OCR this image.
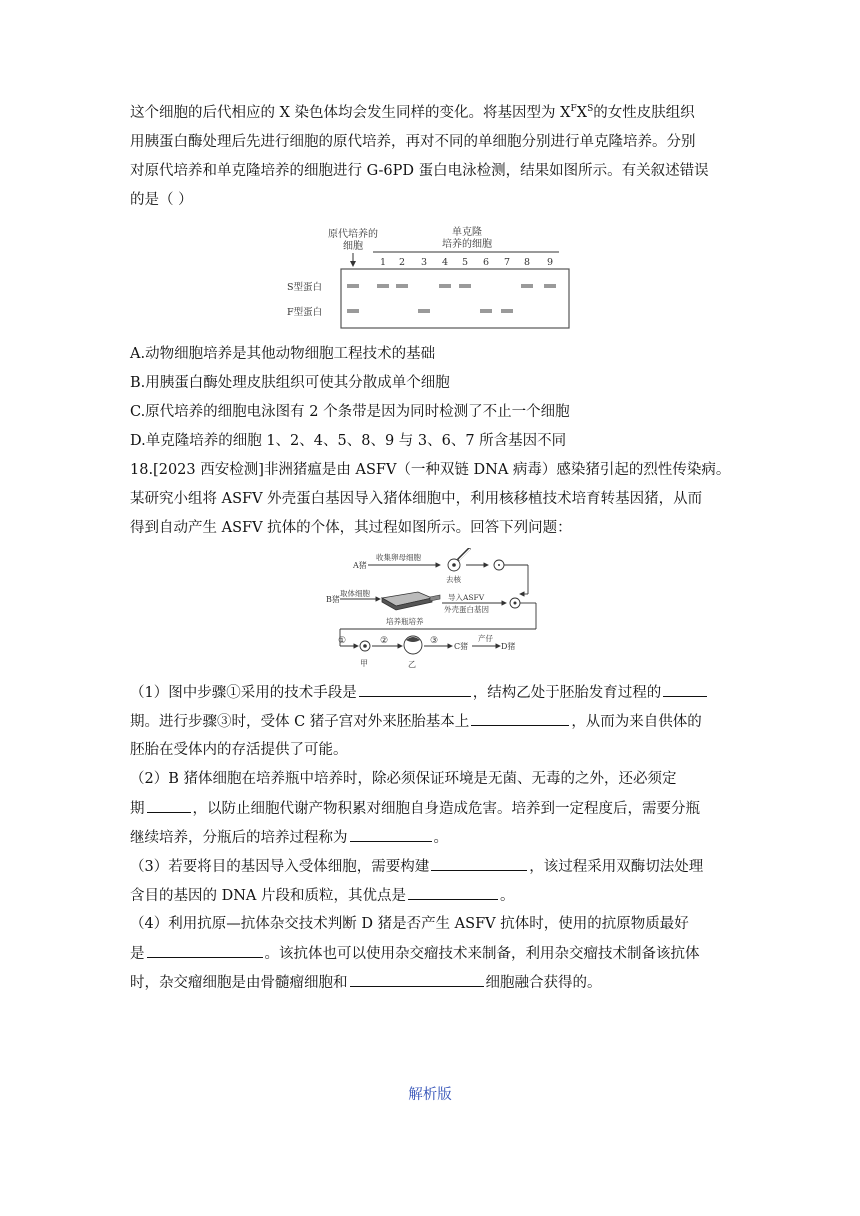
这个细胞的后代相应的 X 染色体均会发生同样的变化。将基因型为 $X^FX^S$的女性皮肤组织
用胰蛋白酶处理后先进行细胞的原代培养，再对不同的单细胞分别进行单克隆培养。分别
对原代培养和单克隆培养的细胞进行 G-6PD 蛋白电泳检测，结果如图所示。有关叙述错误
的是（ ）
原代培养的
细胞
单克隆
培养的细胞
1 2 3 4 5 6 7 8 9
S型蛋白
F型蛋白
A.动物细胞培养是其他动物细胞工程技术的基础
B.用胰蛋白酶处理皮肤组织可使其分散成单个细胞
C.原代培养的细胞电泳图有 2 个条带是因为同时检测了不止一个细胞
D.单克隆培养的细胞 1、2、4、5、8、9 与 3、6、7 所含基因不同
18.[2023 西安检测]非洲猪瘟是由 ASFV（一种双链 DNA 病毒）感染猪引起的烈性传染病。
某研究小组将 ASFV 外壳蛋白基因导入猪体细胞中，利用核移植技术培育转基因猪，从而
得到自动产生 ASFV 抗体的个体，其过程如图所示。回答下列问题：
A猪
收集卵母细胞
去核
B猪
取体细胞	导入ASFV
外壳蛋白基因
培养瓶培养
①
甲
②
乙
③
C猪
产仔
D猪
（1）图中步骤①采用的技术手段是	，结构乙处于胚胎发育过程的
期。进行步骤③时，受体 C 猪子宫对外来胚胎基本上	，从而为来自供体的
胚胎在受体内的存活提供了可能。
（2）B 猪体细胞在培养瓶中培养时，除必须保证环境是无菌、无毒的之外，还必须定
期	，以防止细胞代谢产物积累对细胞自身造成危害。培养到一定程度后，需要分瓶
继续培养，分瓶后的培养过程称为	。
（3）若要将目的基因导入受体细胞，需要构建	，该过程采用双酶切法处理
含目的基因的 DNA 片段和质粒，其优点是	。
（4）利用抗原—抗体杂交技术判断 D 猪是否产生 ASFV 抗体时，使用的抗原物质最好
是	。该抗体也可以使用杂交瘤技术来制备，利用杂交瘤技术制备该抗体
时，杂交瘤细胞是由骨髓瘤细胞和	细胞融合获得的。
解析版
